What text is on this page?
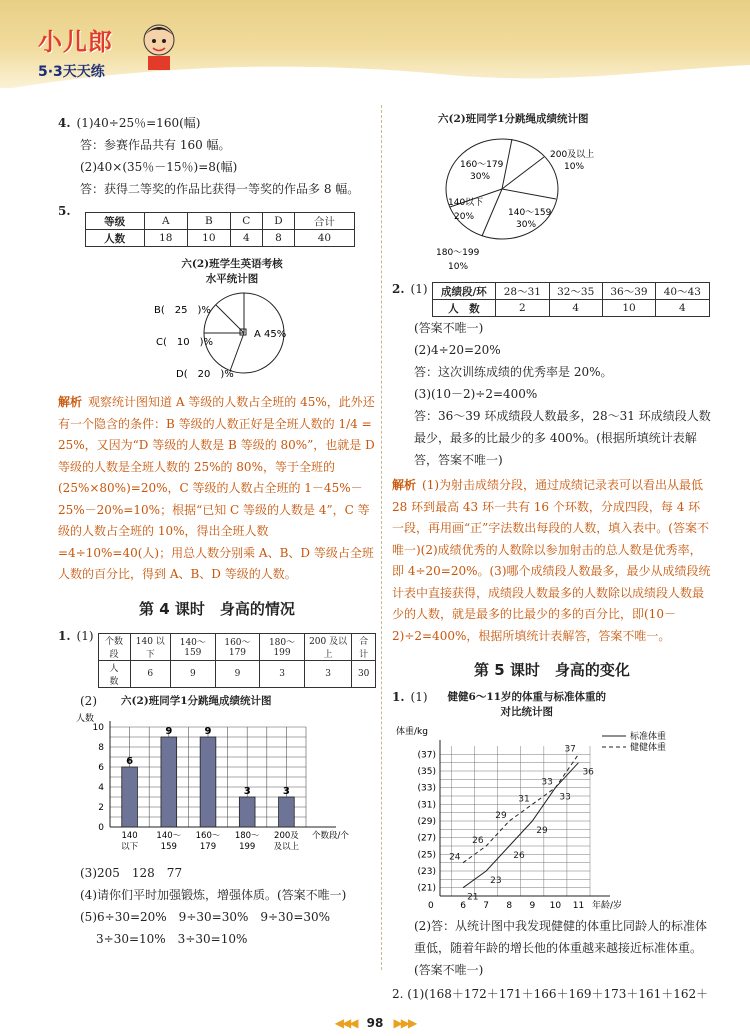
小儿郎
5·3天天练

4. (1)40÷25％=160(幅)

答：参赛作品共有 160 幅。

(2)40×(35％－15％)=8(幅)

答：获得二等奖的作品比获得一等奖的作品多 8 幅。

5.
等级	A	B	C	D	合计
人数	18	10	4	8	40
六(2)班学生英语考核
水平统计图
A 45%
B(　25　)%
C(　10　)%
D(　20　)%

解析 观察统计图知道 A 等级的人数占全班的 45%，此外还有一个隐含的条件：B 等级的人数正好是全班人数的 1/4 = 25%，又因为“D 等级的人数是 B 等级的 80%”，也就是 D 等级的人数是全班人数的 25%的 80%，等于全班的(25%×80%)=20%，C 等级的人数占全班的 1－45%－25%－20%=10%；根据“已知 C 等级的人数是 4”，C 等级的人数占全班的 10%，得出全班人数=4÷10%=40(人)；用总人数分别乘 A、B、D 等级占全班人数的百分比，得到 A、B、D 等级的人数。

第 4 课时　身高的情况
1. (1) 个数段	140 以下	140～159	160～179	180～199	200 及以上	合计
人　数	6	9	9	3	3	30
(2) 六(2)班同学1分跳绳成绩统计图
人数
0
2
4
6
8
10
6
140
以下
9
140～
159
9
160～
179
3
180～
199
3
200及
及以上
个数段/个

(3)205　128　77

(4)请你们平时加强锻炼，增强体质。(答案不唯一)

(5)6÷30=20%　9÷30=30%　9÷30=30%

3÷30=10%　3÷30=10%

六(2)班同学1分跳绳成绩统计图
160～179
30%
200及以上
10%
140以下
20%	140～159
30%
180～199
10%
2. (1) 成绩段/环	28～31	32～35	36～39	40～43
人　数	2	4	10	4

(答案不唯一)

(2)4÷20=20%

答：这次训练成绩的优秀率是 20%。

(3)(10－2)÷2=400%

答：36～39 环成绩段人数最多，28～31 环成绩段人数最少，最多的比最少的多 400%。(根据所填统计表解答，答案不唯一)

解析 (1)为射击成绩分段，通过成绩记录表可以看出从最低 28 环到最高 43 环一共有 16 个环数，分成四段，每 4 环一段，再用画“正”字法数出每段的人数，填入表中。(答案不唯一)(2)成绩优秀的人数除以参加射击的总人数是优秀率，即 4÷20=20%。(3)哪个成绩段人数最多，最少从成绩段统计表中直接获得，成绩段人数最多的人数除以成绩段人数最少的人数，就是最多的比最少的多的百分比，即(10－2)÷2=400%，根据所填统计表解答，答案不唯一。

第 5 课时　身高的变化
1. (1) 健健6～11岁的体重与标准体重的
对比统计图
体重/kg
(21)
(23)
(25)
(27)
(29)
(31)
(33)
(35)
(37)
6 7 8 9 10 11
0	年龄/岁
21
23
26
29
33
36
24
26
29
31
33
37
标准体重
健健体重

(2)答：从统计图中我发现健健的体重比同龄人的标准体重低，随着年龄的增长他的体重越来越接近标准体重。(答案不唯一)

2. (1)(168＋172＋171＋166＋169＋173＋161＋162＋

◀◀◀ 98 ▶▶▶
